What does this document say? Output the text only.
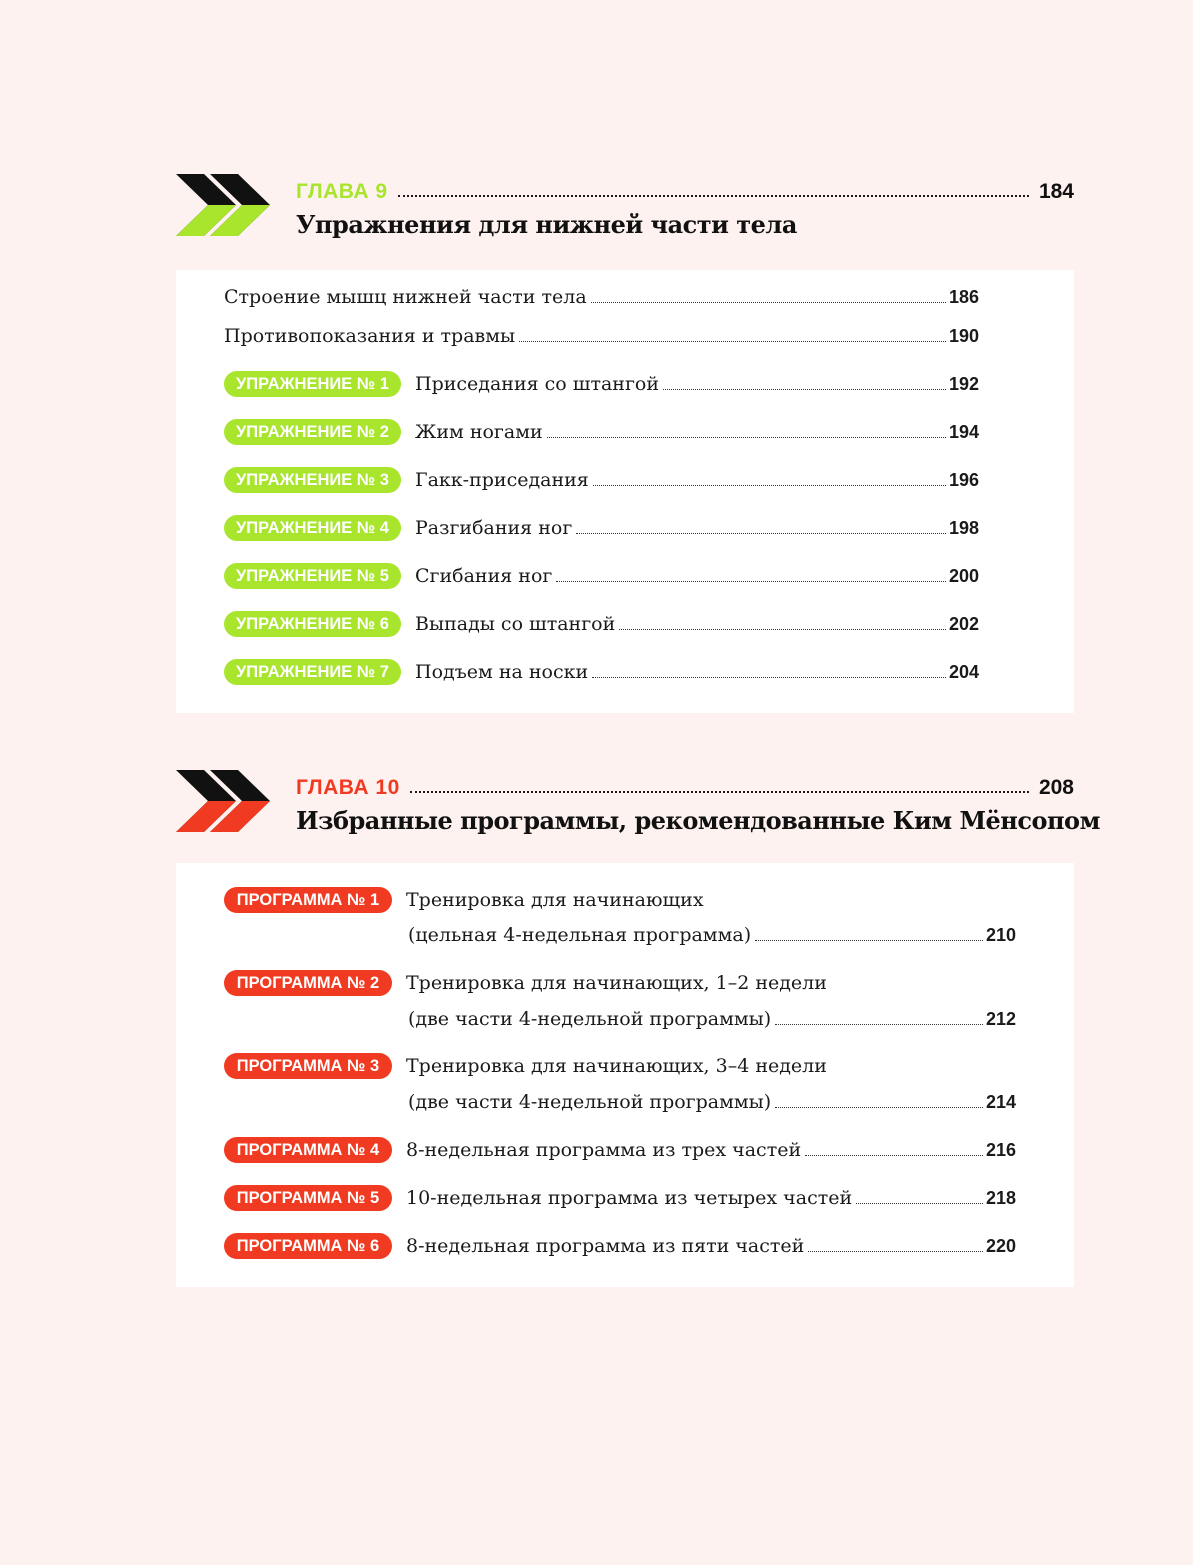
ГЛАВА 9	184
Упражнения для нижней части тела
Строение мышц нижней части тела	186
Противопоказания и травмы	190
УПРАЖНЕНИЕ № 1	Приседания со штангой	192
УПРАЖНЕНИЕ № 2	Жим ногами	194
УПРАЖНЕНИЕ № 3	Гакк-приседания	196
УПРАЖНЕНИЕ № 4	Разгибания ног	198
УПРАЖНЕНИЕ № 5	Сгибания ног	200
УПРАЖНЕНИЕ № 6	Выпады со штангой	202
УПРАЖНЕНИЕ № 7	Подъем на носки	204
ГЛАВА 10	208
Избранные программы, рекомендованные Ким Мёнсопом
ПРОГРАММА № 1	Тренировка для начинающих
(цельная 4-недельная программа)	210
ПРОГРАММА № 2	Тренировка для начинающих, 1–2 недели
(две части 4-недельной программы)	212
ПРОГРАММА № 3	Тренировка для начинающих, 3–4 недели
(две части 4-недельной программы)	214
ПРОГРАММА № 4	8-недельная программа из трех частей	216
ПРОГРАММА № 5	10-недельная программа из четырех частей	218
ПРОГРАММА № 6	8-недельная программа из пяти частей	220
